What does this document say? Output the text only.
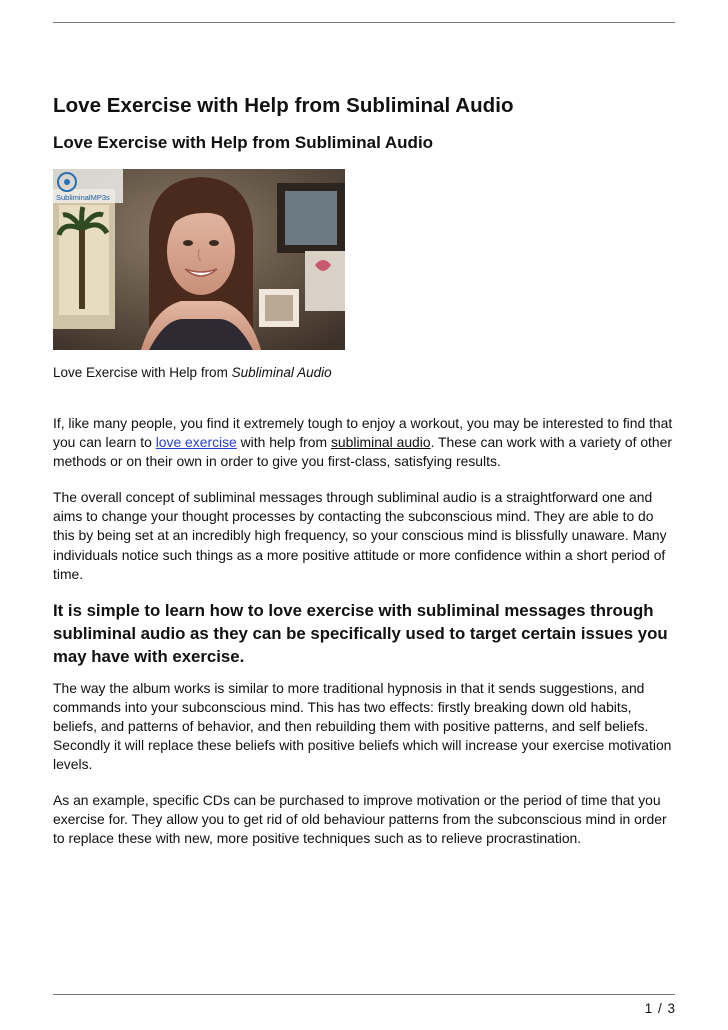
Love Exercise with Help from Subliminal Audio
Love Exercise with Help from Subliminal Audio
SubliminalMP3s
Love Exercise with Help from Subliminal Audio

If, like many people, you find it extremely tough to enjoy a workout, you may be interested to find that you can learn to love exercise with help from subliminal audio. These can work with a variety of other methods or on their own in order to give you first-class, satisfying results.

The overall concept of subliminal messages through subliminal audio is a straightforward one and aims to change your thought processes by contacting the subconscious mind. They are able to do this by being set at an incredibly high frequency, so your conscious mind is blissfully unaware. Many individuals notice such things as a more positive attitude or more confidence within a short period of time.

It is simple to learn how to love exercise with subliminal messages through subliminal audio as they can be specifically used to target certain issues you may have with exercise.

The way the album works is similar to more traditional hypnosis in that it sends suggestions, and commands into your subconscious mind. This has two effects: firstly breaking down old habits, beliefs, and patterns of behavior, and then rebuilding them with positive patterns, and self beliefs. Secondly it will replace these beliefs with positive beliefs which will increase your exercise motivation levels.

As an example, specific CDs can be purchased to improve motivation or the period of time that you exercise for. They allow you to get rid of old behaviour patterns from the subconscious mind in order to replace these with new, more positive techniques such as to relieve procrastination.

1 / 3
